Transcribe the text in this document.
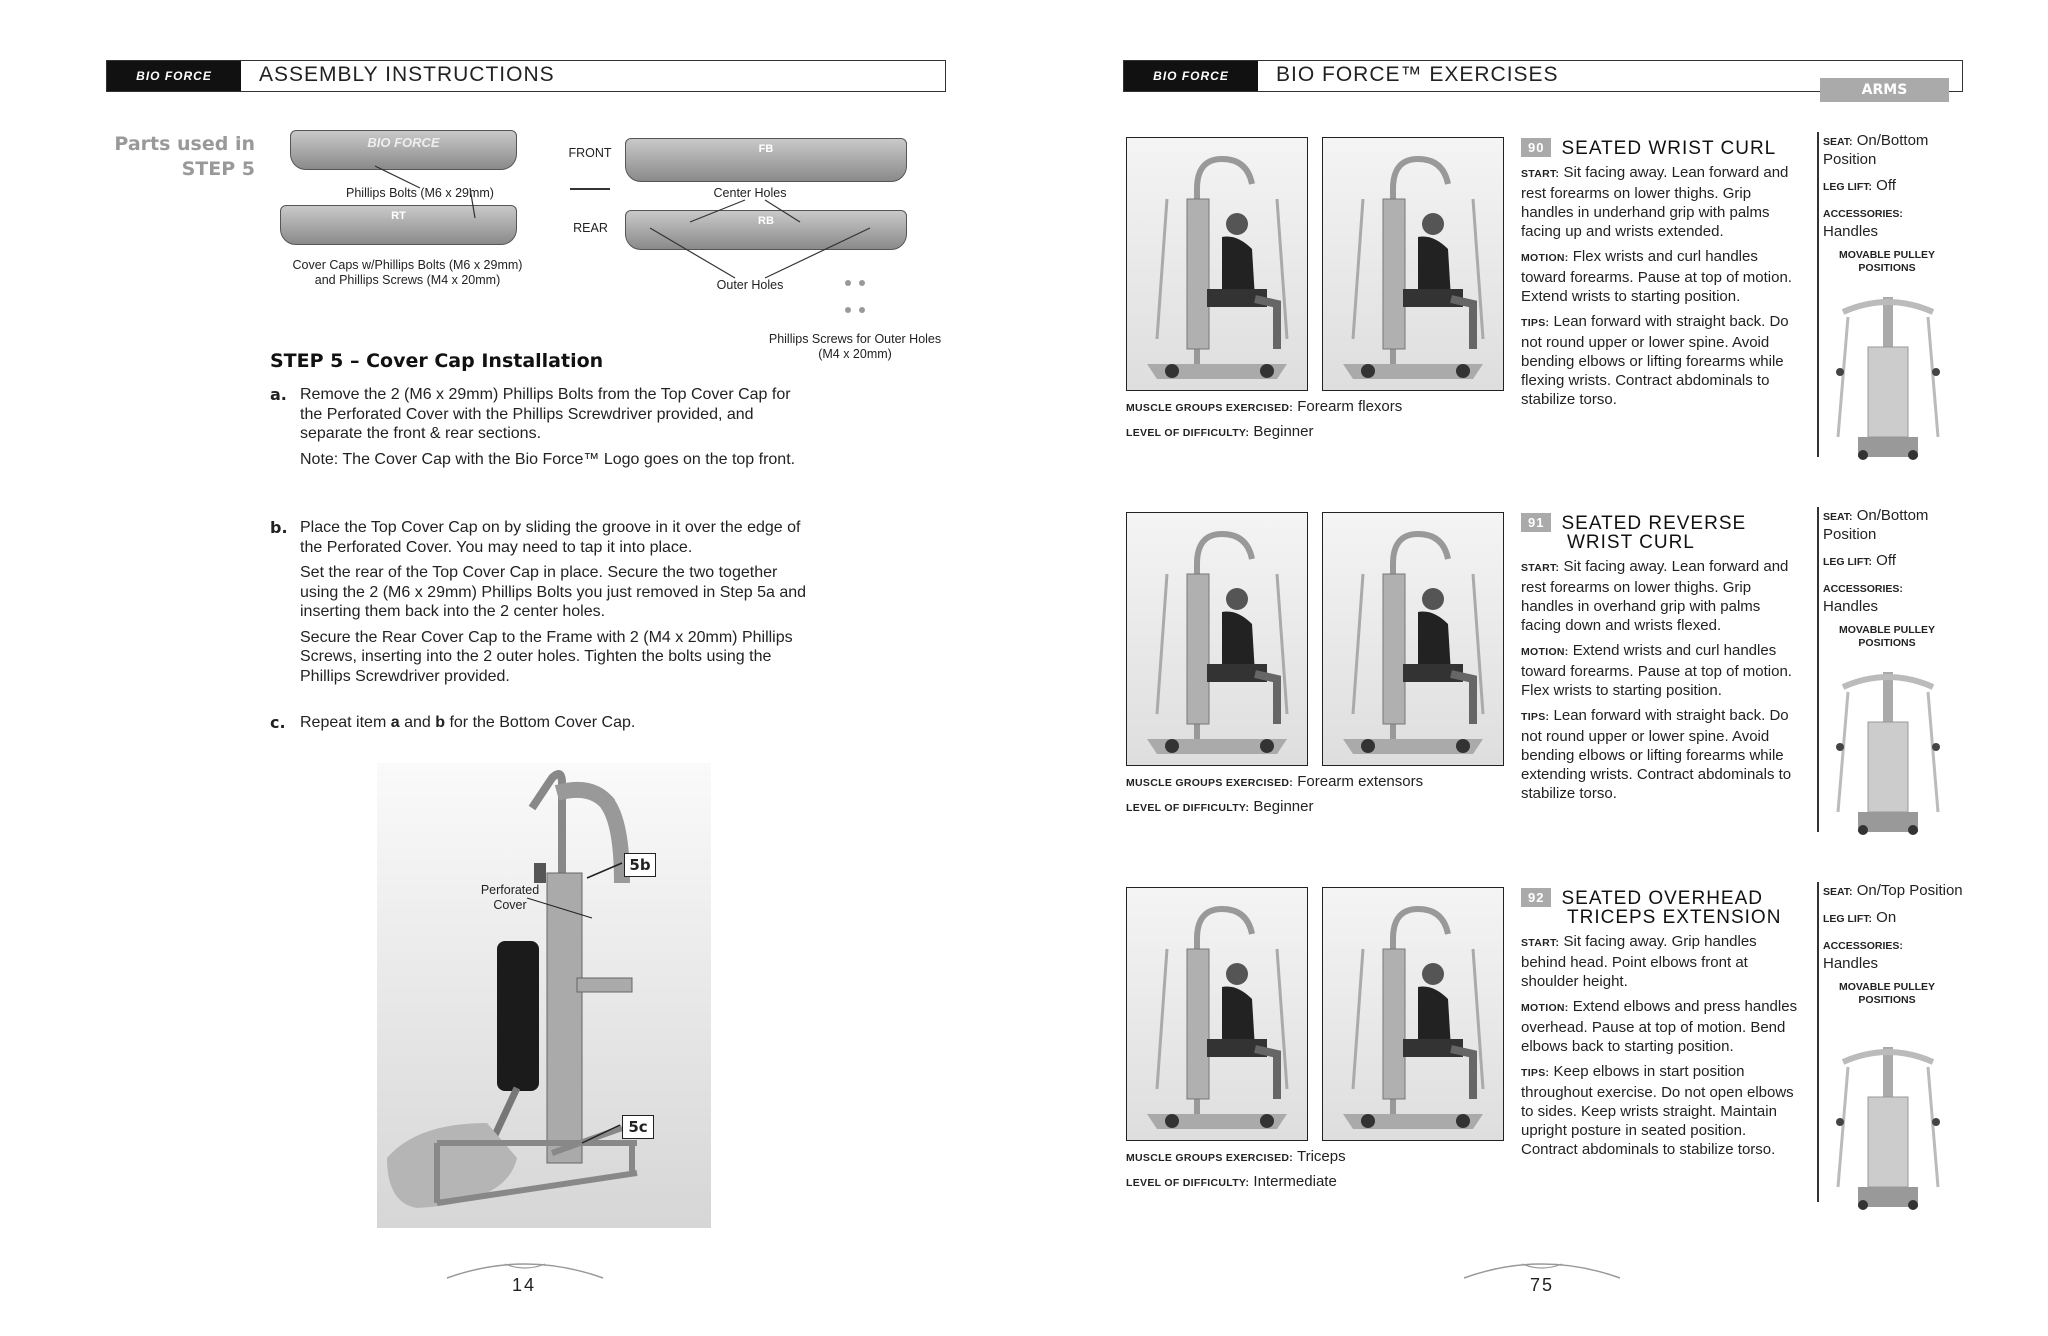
BIO FORCE	ASSEMBLY INSTRUCTIONS
Parts used in
STEP 5
BIO FORCE
RT
FB
RB
FRONT
REAR
Phillips Bolts (M6 x 29mm)	Center Holes
Cover Caps w/Phillips Bolts (M6 x 29mm)
and Phillips Screws (M4 x 20mm)	Outer Holes
Phillips Screws for Outer Holes
(M4 x 20mm)
STEP 5 – Cover Cap Installation
a. Remove the 2 (M6 x 29mm) Phillips Bolts from the Top Cover Cap for the Perforated Cover with the Phillips Screwdriver provided, and separate the front & rear sections.

Note: The Cover Cap with the Bio Force™ Logo goes on the top front.

b. Place the Top Cover Cap on by sliding the groove in it over the edge of the Perforated Cover. You may need to tap it into place.

Set the rear of the Top Cover Cap in place. Secure the two together using the 2 (M6 x 29mm) Phillips Bolts you just removed in Step 5a and inserting them back into the 2 center holes.

Secure the Rear Cover Cap to the Frame with 2 (M4 x 20mm) Phillips Screws, inserting into the 2 outer holes. Tighten the bolts using the Phillips Screwdriver provided.

c. Repeat item a and b for the Bottom Cover Cap.

Perforated
Cover
5b
5c
14
BIO FORCE	BIO FORCE™ EXERCISES
ARMS
MUSCLE GROUPS EXERCISED: Forearm flexors
LEVEL OF DIFFICULTY: Beginner
90 SEATED WRIST CURL

START: Sit facing away. Lean forward and rest forearms on lower thighs. Grip handles in underhand grip with palms facing up and wrists extended.

MOTION: Flex wrists and curl handles toward forearms. Pause at top of motion. Extend wrists to starting position.

TIPS: Lean forward with straight back. Do not round upper or lower spine. Avoid bending elbows or lifting forearms while flexing wrists. Contract abdominals to stabilize torso.

SEAT: On/Bottom Position

LEG LIFT: Off

ACCESSORIES:
Handles

MOVABLE PULLEY
POSITIONS
MUSCLE GROUPS EXERCISED: Forearm extensors
LEVEL OF DIFFICULTY: Beginner
91 SEATED REVERSE
WRIST CURL

START: Sit facing away. Lean forward and rest forearms on lower thighs. Grip handles in overhand grip with palms facing down and wrists flexed.

MOTION: Extend wrists and curl handles toward forearms. Pause at top of motion. Flex wrists to starting position.

TIPS: Lean forward with straight back. Do not round upper or lower spine. Avoid bending elbows or lifting forearms while extending wrists. Contract abdominals to stabilize torso.

SEAT: On/Bottom Position

LEG LIFT: Off

ACCESSORIES:
Handles

MOVABLE PULLEY
POSITIONS
MUSCLE GROUPS EXERCISED: Triceps
LEVEL OF DIFFICULTY: Intermediate
92 SEATED OVERHEAD
TRICEPS EXTENSION

START: Sit facing away. Grip handles behind head. Point elbows front at shoulder height.

MOTION: Extend elbows and press handles overhead. Pause at top of motion. Bend elbows back to starting position.

TIPS: Keep elbows in start position throughout exercise. Do not open elbows to sides. Keep wrists straight. Maintain upright posture in seated position. Contract abdominals to stabilize torso.

SEAT: On/Top Position

LEG LIFT: On

ACCESSORIES:
Handles

MOVABLE PULLEY
POSITIONS
75
